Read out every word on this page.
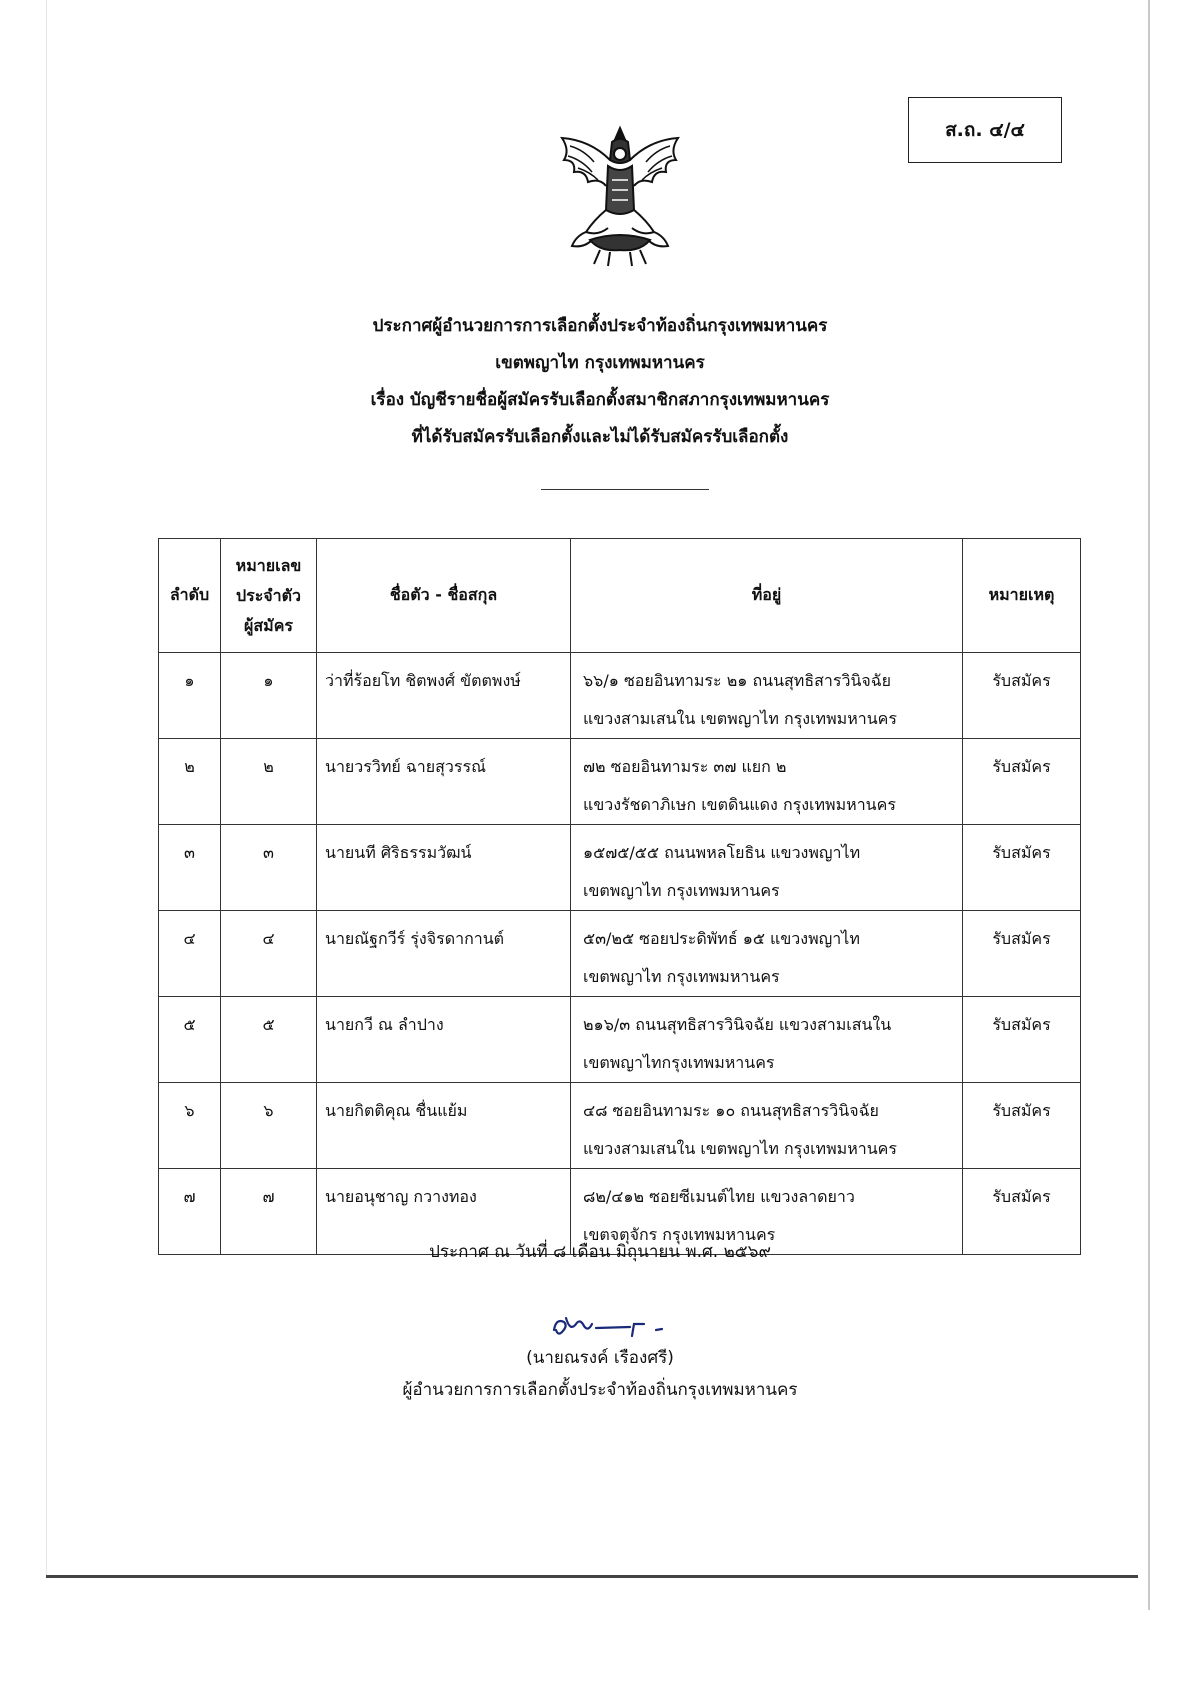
ส.ถ. ๔/๔
ประกาศผู้อำนวยการการเลือกตั้งประจำท้องถิ่นกรุงเทพมหานคร
เขตพญาไท กรุงเทพมหานคร
เรื่อง บัญชีรายชื่อผู้สมัครรับเลือกตั้งสมาชิกสภากรุงเทพมหานคร
ที่ได้รับสมัครรับเลือกตั้งและไม่ได้รับสมัครรับเลือกตั้ง
ลำดับ	หมายเลข
ประจำตัว
ผู้สมัคร	ชื่อตัว - ชื่อสกุล	ที่อยู่	หมายเหตุ
๑	๑	ว่าที่ร้อยโท ชิตพงศ์ ขัตตพงษ์	๖๖/๑ ซอยอินทามระ ๒๑ ถนนสุทธิสารวินิจฉัย
แขวงสามเสนใน เขตพญาไท กรุงเทพมหานคร	รับสมัคร
๒	๒	นายวรวิทย์ ฉายสุวรรณ์	๗๒ ซอยอินทามระ ๓๗ แยก ๒
แขวงรัชดาภิเษก เขตดินแดง กรุงเทพมหานคร	รับสมัคร
๓	๓	นายนที ศิริธรรมวัฒน์	๑๕๗๕/๕๕ ถนนพหลโยธิน แขวงพญาไท
เขตพญาไท กรุงเทพมหานคร	รับสมัคร
๔	๔	นายณัฐกวีร์ รุ่งจิรดากานต์	๕๓/๒๕ ซอยประดิพัทธ์ ๑๕ แขวงพญาไท
เขตพญาไท กรุงเทพมหานคร	รับสมัคร
๕	๕	นายกวี ณ ลำปาง	๒๑๖/๓ ถนนสุทธิสารวินิจฉัย แขวงสามเสนใน
เขตพญาไทกรุงเทพมหานคร	รับสมัคร
๖	๖	นายกิตติคุณ ชื่นแย้ม	๔๘ ซอยอินทามระ ๑๐ ถนนสุทธิสารวินิจฉัย
แขวงสามเสนใน เขตพญาไท กรุงเทพมหานคร	รับสมัคร
๗	๗	นายอนุชาญ กวางทอง	๘๒/๔๑๒ ซอยซีเมนต์ไทย แขวงลาดยาว
เขตจตุจักร กรุงเทพมหานคร	รับสมัคร
ประกาศ ณ วันที่ ๘ เดือน มิถุนายน พ.ศ. ๒๕๖๙
(นายณรงค์ เรืองศรี)
ผู้อำนวยการการเลือกตั้งประจำท้องถิ่นกรุงเทพมหานคร
